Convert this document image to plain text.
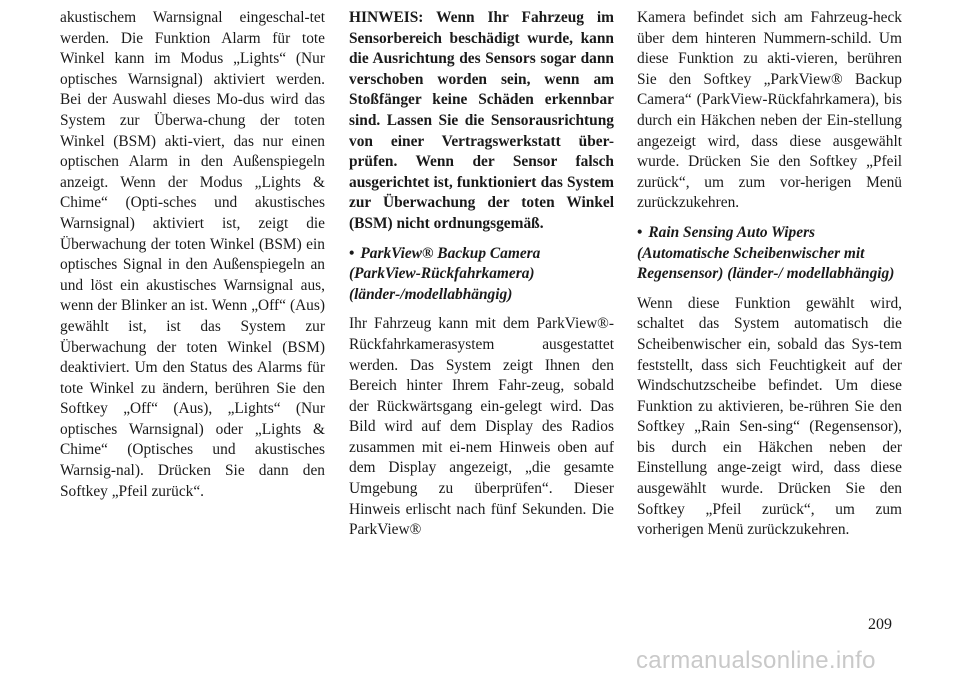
akustischem Warnsignal eingeschal-tet werden. Die Funktion Alarm für tote Winkel kann im Modus „Lights“ (Nur optisches Warnsignal) aktiviert werden. Bei der Auswahl dieses Mo-dus wird das System zur Überwa-chung der toten Winkel (BSM) akti-viert, das nur einen optischen Alarm in den Außenspiegeln anzeigt. Wenn der Modus „Lights & Chime“ (Opti-sches und akustisches Warnsignal) aktiviert ist, zeigt die Überwachung der toten Winkel (BSM) ein optisches Signal in den Außenspiegeln an und löst ein akustisches Warnsignal aus, wenn der Blinker an ist. Wenn „Off“ (Aus) gewählt ist, ist das System zur Überwachung der toten Winkel (BSM) deaktiviert. Um den Status des Alarms für tote Winkel zu ändern, berühren Sie den Softkey „Off“ (Aus), „Lights“ (Nur optisches Warnsignal) oder „Lights & Chime“ (Optisches und akustisches Warnsig-nal). Drücken Sie dann den Softkey „Pfeil zurück“.

HINWEIS: Wenn Ihr Fahrzeug im Sensorbereich beschädigt wurde, kann die Ausrichtung des Sensors sogar dann verschoben worden sein, wenn am Stoßfänger keine Schäden erkennbar sind. Lassen Sie die Sensorausrichtung von einer Vertragswerkstatt über-prüfen. Wenn der Sensor falsch ausgerichtet ist, funktioniert das System zur Überwachung der toten Winkel (BSM) nicht ordnungsgemäß.

• ParkView® Backup Camera (ParkView-Rückfahrkamera) (länder-/modellabhängig)

Ihr Fahrzeug kann mit dem ParkView®-Rückfahrkamerasystem ausgestattet werden. Das System zeigt Ihnen den Bereich hinter Ihrem Fahr-zeug, sobald der Rückwärtsgang ein-gelegt wird. Das Bild wird auf dem Display des Radios zusammen mit ei-nem Hinweis oben auf dem Display angezeigt, „die gesamte Umgebung zu überprüfen“. Dieser Hinweis erlischt nach fünf Sekunden. Die ParkView®

Kamera befindet sich am Fahrzeug-heck über dem hinteren Nummern-schild. Um diese Funktion zu akti-vieren, berühren Sie den Softkey „ParkView® Backup Camera“ (ParkView-Rückfahrkamera), bis durch ein Häkchen neben der Ein-stellung angezeigt wird, dass diese ausgewählt wurde. Drücken Sie den Softkey „Pfeil zurück“, um zum vor-herigen Menü zurückzukehren.

• Rain Sensing Auto Wipers (Automatische Scheibenwischer mit Regensensor) (länder-/ modellabhängig)

Wenn diese Funktion gewählt wird, schaltet das System automatisch die Scheibenwischer ein, sobald das Sys-tem feststellt, dass sich Feuchtigkeit auf der Windschutzscheibe befindet. Um diese Funktion zu aktivieren, be-rühren Sie den Softkey „Rain Sen-sing“ (Regensensor), bis durch ein Häkchen neben der Einstellung ange-zeigt wird, dass diese ausgewählt wurde. Drücken Sie den Softkey „Pfeil zurück“, um zum vorherigen Menü zurückzukehren.

209
carmanualsonline.info
